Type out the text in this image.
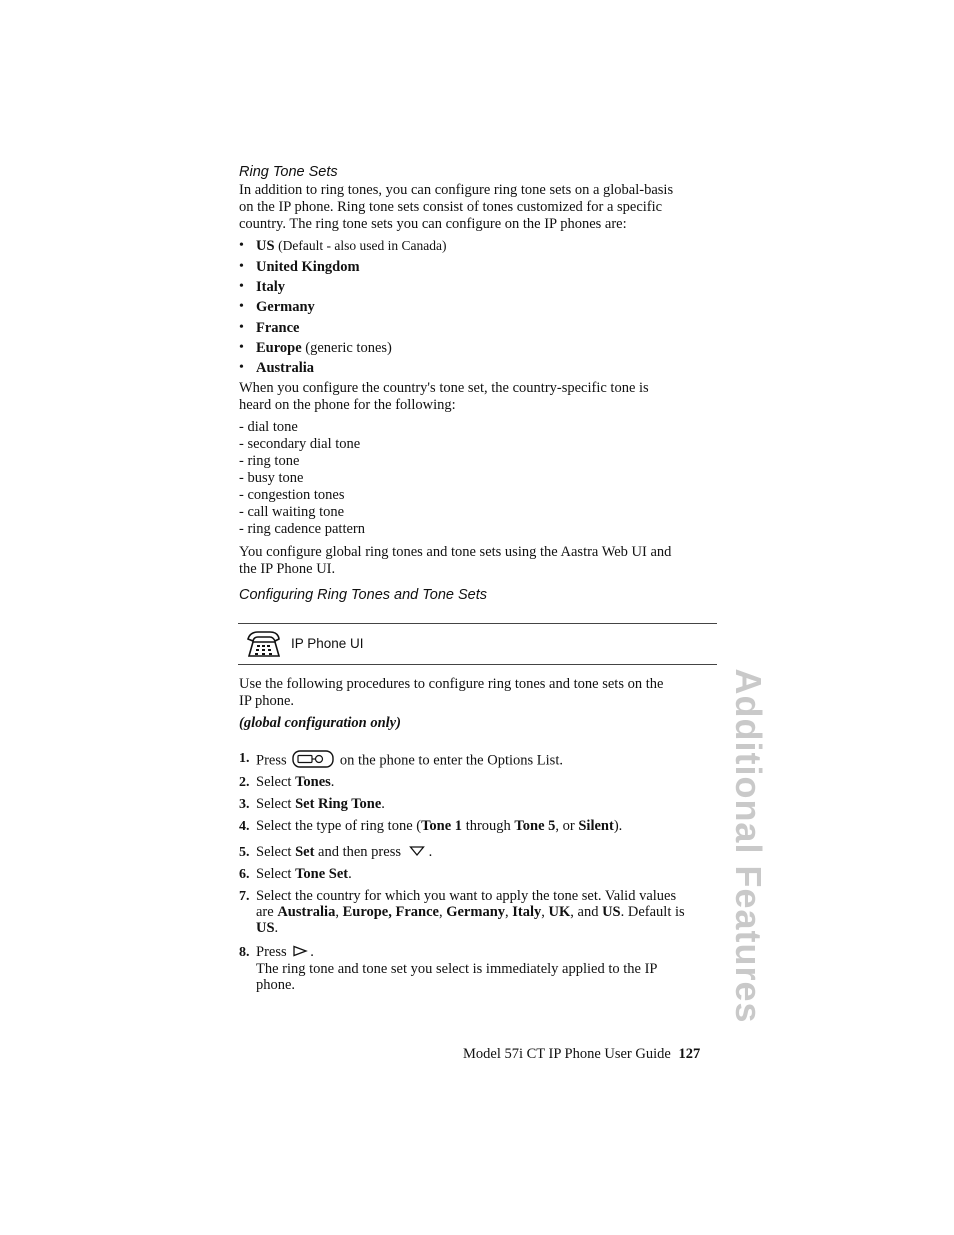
Ring Tone Sets
In addition to ring tones, you can configure ring tone sets on a global-basis
on the IP phone. Ring tone sets consist of tones customized for a specific
country. The ring tone sets you can configure on the IP phones are:
• US (Default - also used in Canada)
• United Kingdom
• Italy
• Germany
• France
• Europe (generic tones)
• Australia
When you configure the country's tone set, the country-specific tone is
heard on the phone for the following:
- dial tone
- secondary dial tone
- ring tone
- busy tone
- congestion tones
- call waiting tone
- ring cadence pattern
You configure global ring tones and tone sets using the Aastra Web UI and
the IP Phone UI.
Configuring Ring Tones and Tone Sets
IP Phone UI
Use the following procedures to configure ring tones and tone sets on the
IP phone.
(global configuration only)
1. Press	on the phone to enter the Options List.
2. Select Tones.
3. Select Set Ring Tone.
4. Select the type of ring tone (Tone 1 through Tone 5, or Silent).
5. Select Set and then press .
6. Select Tone Set.
7. Select the country for which you want to apply the tone set. Valid values
are Australia, Europe, France, Germany, Italy, UK, and US. Default is
US.
8. Press .
The ring tone and tone set you select is immediately applied to the IP
phone.	Additional Features
Model 57i CT IP Phone User Guide 127
